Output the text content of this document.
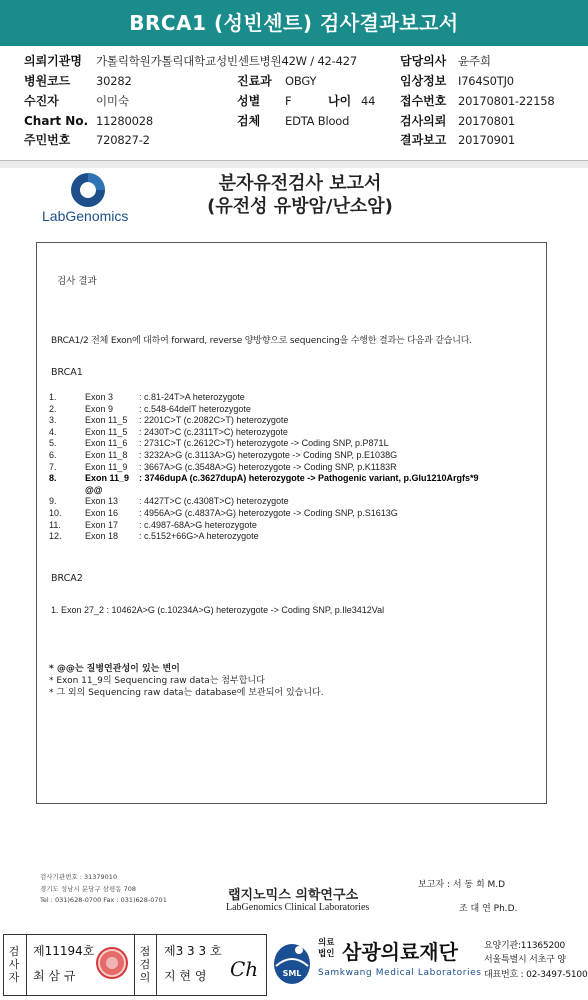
BRCA1 (성빈센트) 검사결과보고서
의뢰기관명 가톨릭학원가톨릭대학교성빈센트병원42W / 42-427	담당의사 윤주희
병원코드 30282	진료과 OBGY	임상정보 I764S0TJ0
수진자	이미숙	성별 F	나이 44 접수번호 20170801-22158
Chart No. 11280028	검체 EDTA Blood	검사의뢰 20170801
주민번호 720827-2	결과보고 20170901
LabGenomics
분자유전검사 보고서
(유전성 유방암/난소암)
검사 결과
BRCA1/2 전체 Exon에 대하여 forward, reverse 양방향으로 sequencing을 수행한 결과는 다음과 같습니다.
BRCA1
1.	Exon 3	: c.81-24T>A heterozygote
2.	Exon 9	: c.548-64delT heterozygote
3.	Exon 11_5 : 2201C>T (c.2082C>T) heterozygote
4.	Exon 11_5 : 2430T>C (c.2311T>C) heterozygote
5.	Exon 11_6 : 2731C>T (c.2612C>T) heterozygote -> Coding SNP, p.P871L
6.	Exon 11_8 : 3232A>G (c.3113A>G) heterozygote -> Coding SNP, p.E1038G
7.	Exon 11_9 : 3667A>G (c.3548A>G) heterozygote -> Coding SNP, p.K1183R
8.	Exon 11_9 : 3746dupA (c.3627dupA) heterozygote -> Pathogenic variant, p.Glu1210Argfs*9
@@
9.	Exon 13 : 4427T>C (c.4308T>C) heterozygote
10.	Exon 16 : 4956A>G (c.4837A>G) heterozygote -> Coding SNP, p.S1613G
11.	Exon 17 : c.4987-68A>G heterozygote
12.	Exon 18 : c.5152+66G>A heterozygote
BRCA2
1. Exon 27_2 : 10462A>G (c.10234A>G) heterozygote -> Coding SNP, p.Ile3412Val
* @@는 질병연관성이 있는 변이
* Exon 11_9의 Sequencing raw data는 첨부합니다
* 그 외의 Sequencing raw data는 database에 보관되어 있습니다.
검사기관번호 : 31379010
경기도 성남시 분당구 삼평동 708
Tel : 031)628-0700 Fax : 031)628-0701	랩지노믹스 의학연구소
LabGenomics Clinical Laboratories
보고자 : 서 동 희 M.D
조 대 연 Ph.D.
검사자
제11194호
최 삼 규
점검의
제3 3 3 호
지 현 영 Ch	SML
의료
법인 삼광의료재단
Samkwang Medical Laboratories
요양기관:11365200
서울특별시 서초구 양
대표번호 : 02-3497-5100
